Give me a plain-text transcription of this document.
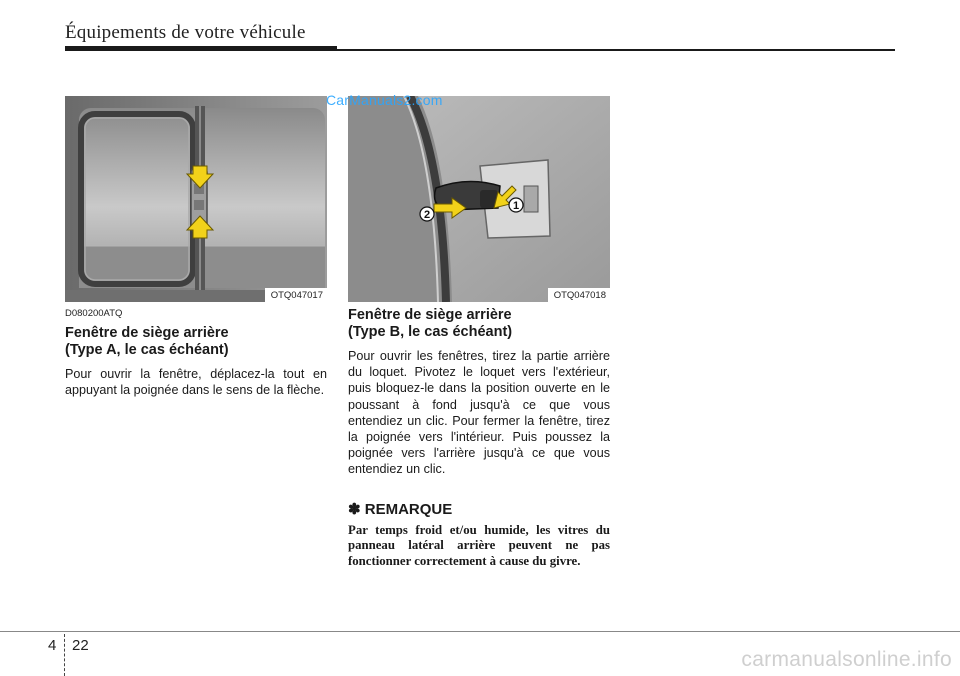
Équipements de votre véhicule
OTQ047017
1
2
OTQ047018
CarManuals2.com
D080200ATQ
Fenêtre de siège arrière
(Type A, le cas échéant)

Pour ouvrir la fenêtre, déplacez-la tout en appuyant la poignée dans le sens de la flèche.

Fenêtre de siège arrière
(Type B, le cas échéant)

Pour ouvrir les fenêtres, tirez la partie arrière du loquet. Pivotez le loquet vers l'extérieur, puis bloquez-le dans la position ouverte en le poussant à fond jusqu'à ce que vous entendiez un clic. Pour fermer la fenêtre, tirez la poignée vers l'intérieur. Puis poussez la poignée vers l'arrière jusqu'à ce que vous entendiez un clic.

✽ REMARQUE

Par temps froid et/ou humide, les vitres du panneau latéral arrière peuvent ne pas fonctionner correctement à cause du givre.

4 22
carmanualsonline.info
